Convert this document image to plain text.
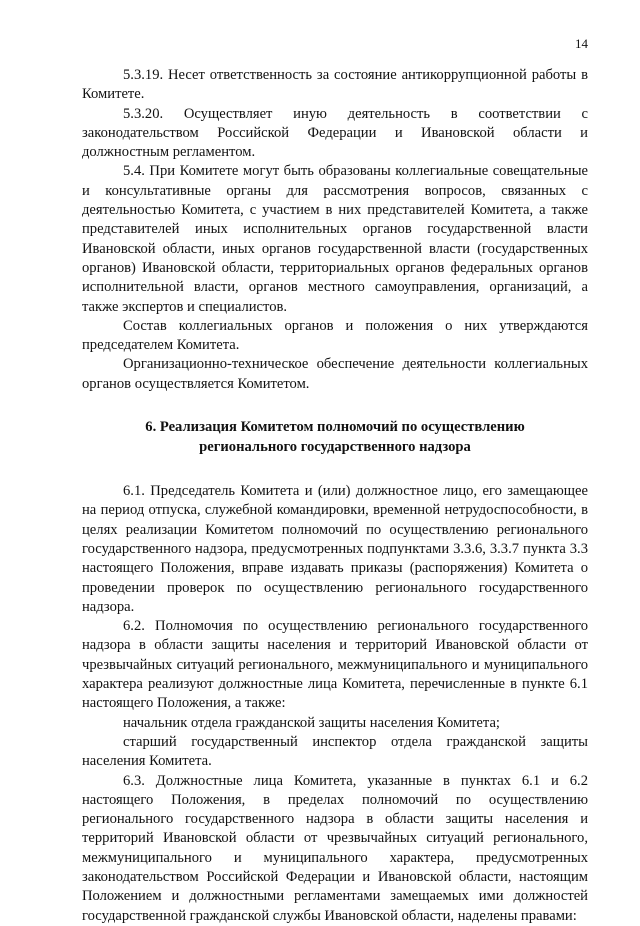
14

5.3.19. Несет ответственность за состояние антикоррупционной работы в Комитете.

5.3.20. Осуществляет иную деятельность в соответствии с законодательством Российской Федерации и Ивановской области и должностным регламентом.

5.4. При Комитете могут быть образованы коллегиальные совещательные и консультативные органы для рассмотрения вопросов, связанных с деятельностью Комитета, с участием в них представителей Комитета, а также представителей иных исполнительных органов государственной власти Ивановской области, иных органов государственной власти (государственных органов) Ивановской области, территориальных органов федеральных органов исполнительной власти, органов местного самоуправления, организаций, а также экспертов и специалистов.

Состав коллегиальных органов и положения о них утверждаются председателем Комитета.

Организационно-техническое обеспечение деятельности коллегиальных органов осуществляется Комитетом.

6. Реализация Комитетом полномочий по осуществлению
регионального государственного надзора

6.1. Председатель Комитета и (или) должностное лицо, его замещающее на период отпуска, служебной командировки, временной нетрудоспособности, в целях реализации Комитетом полномочий по осуществлению регионального государственного надзора, предусмотренных подпунктами 3.3.6, 3.3.7 пункта 3.3 настоящего Положения, вправе издавать приказы (распоряжения) Комитета о проведении проверок по осуществлению регионального государственного надзора.

6.2. Полномочия по осуществлению регионального государственного надзора в области защиты населения и территорий Ивановской области от чрезвычайных ситуаций регионального, межмуниципального и муниципального характера реализуют должностные лица Комитета, перечисленные в пункте 6.1 настоящего Положения, а также:

начальник отдела гражданской защиты населения Комитета;

старший государственный инспектор отдела гражданской защиты населения Комитета.

6.3. Должностные лица Комитета, указанные в пунктах 6.1 и 6.2 настоящего Положения, в пределах полномочий по осуществлению регионального государственного надзора в области защиты населения и территорий Ивановской области от чрезвычайных ситуаций регионального, межмуниципального и муниципального характера, предусмотренных законодательством Российской Федерации и Ивановской области, настоящим Положением и должностными регламентами замещаемых ими должностей государственной гражданской службы Ивановской области, наделены правами:
